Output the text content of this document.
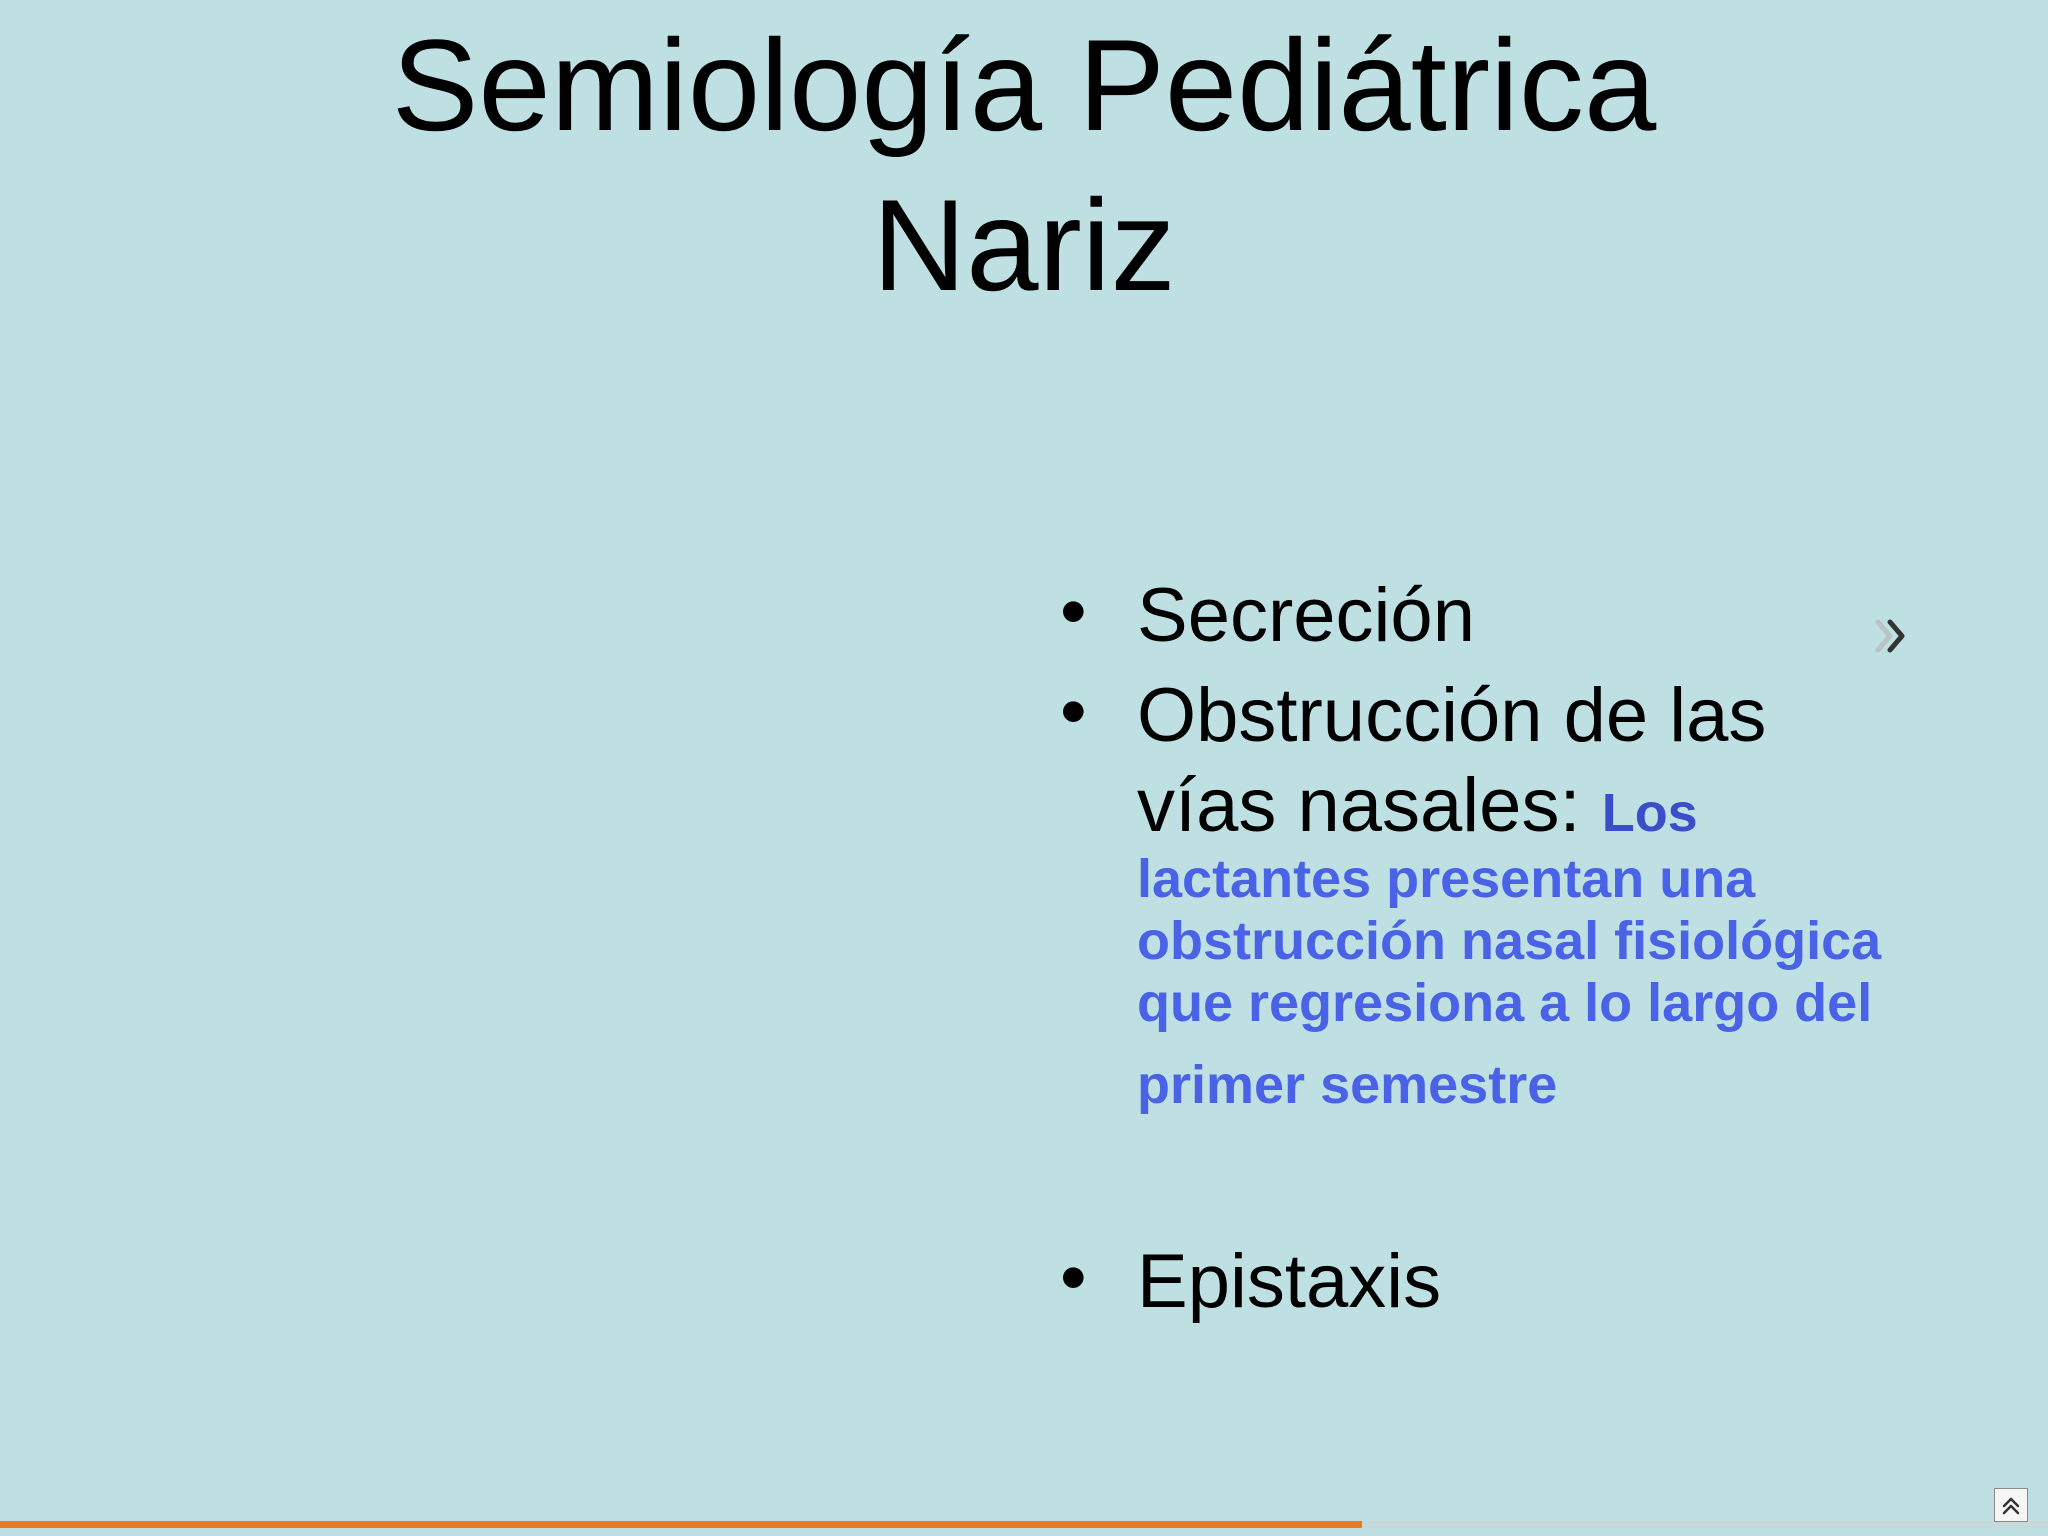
Semiología Pediátrica
Nariz
• Secreción
• Obstrucción de las
vías nasales: Los
lactantes presentan una
obstrucción nasal fisiológica
que regresiona a lo largo del
primer semestre
• Epistaxis
